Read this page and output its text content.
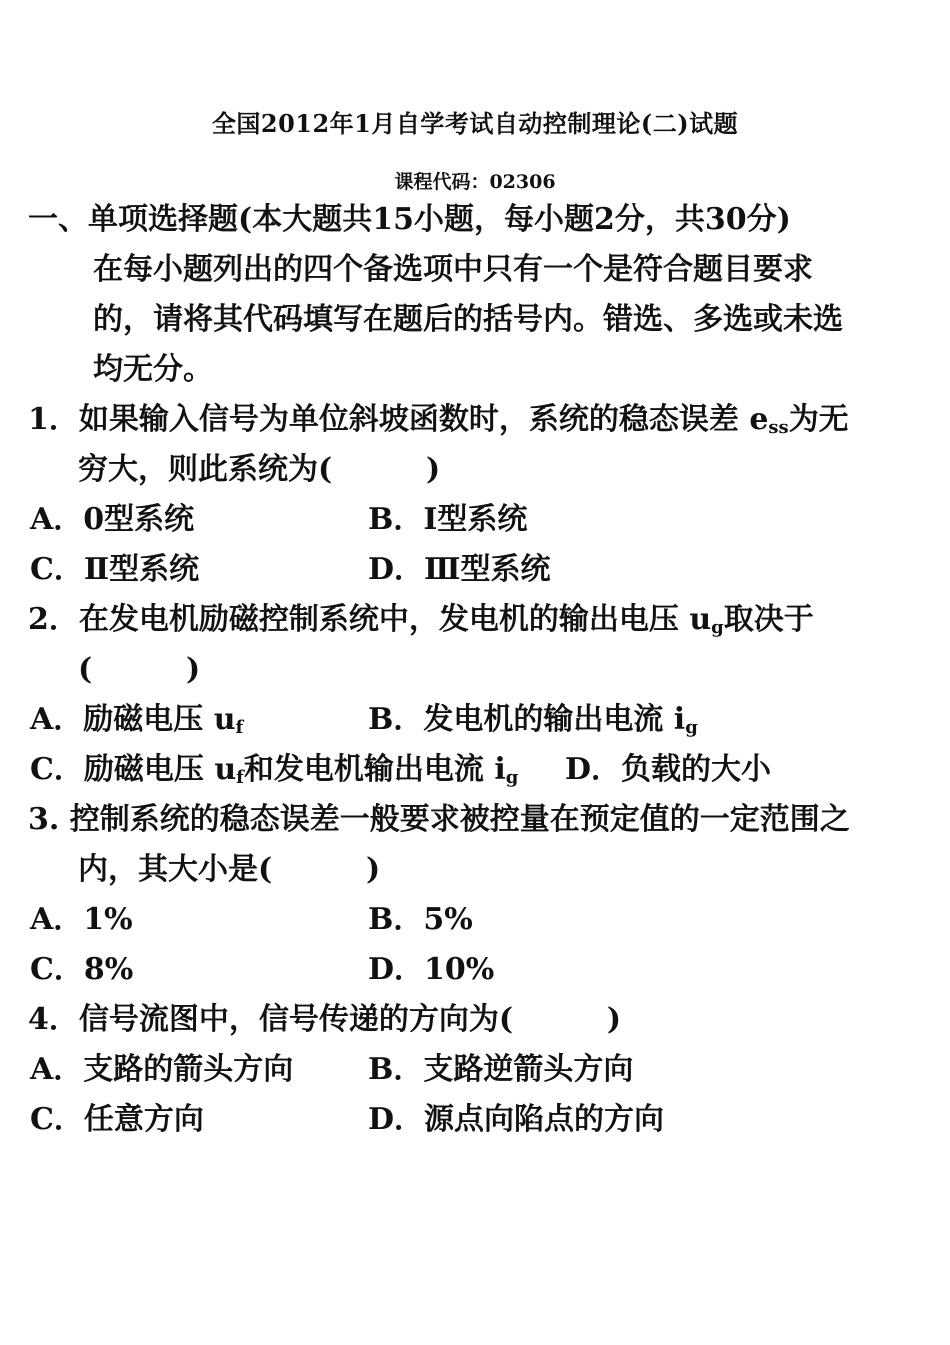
全国2012年1月自学考试自动控制理论(二)试题
课程代码：02306
一、单项选择题(本大题共15小题，每小题2分，共30分)
在每小题列出的四个备选项中只有一个是符合题目要求
的，请将其代码填写在题后的括号内。错选、多选或未选
均无分。
1．如果输入信号为单位斜坡函数时，系统的稳态误差 $e_{ss}$为无
穷大，则此系统为(	)
A．0型系统	B．I型系统
C．Ⅱ型系统	D．Ⅲ型系统
2．在发电机励磁控制系统中，发电机的输出电压 $u_g$取决于
(	)
A．励磁电压 $u_f$	B．发电机的输出电流 $i_g$
C．励磁电压 $u_f$和发电机输出电流 $i_g$ D．负载的大小
3. 控制系统的稳态误差一般要求被控量在预定值的一定范围之
内，其大小是(	)
A．1%	B．5%
C．8%	D．10%
4．信号流图中，信号传递的方向为(	)
A．支路的箭头方向 B．支路逆箭头方向
C．任意方向	D．源点向陷点的方向
